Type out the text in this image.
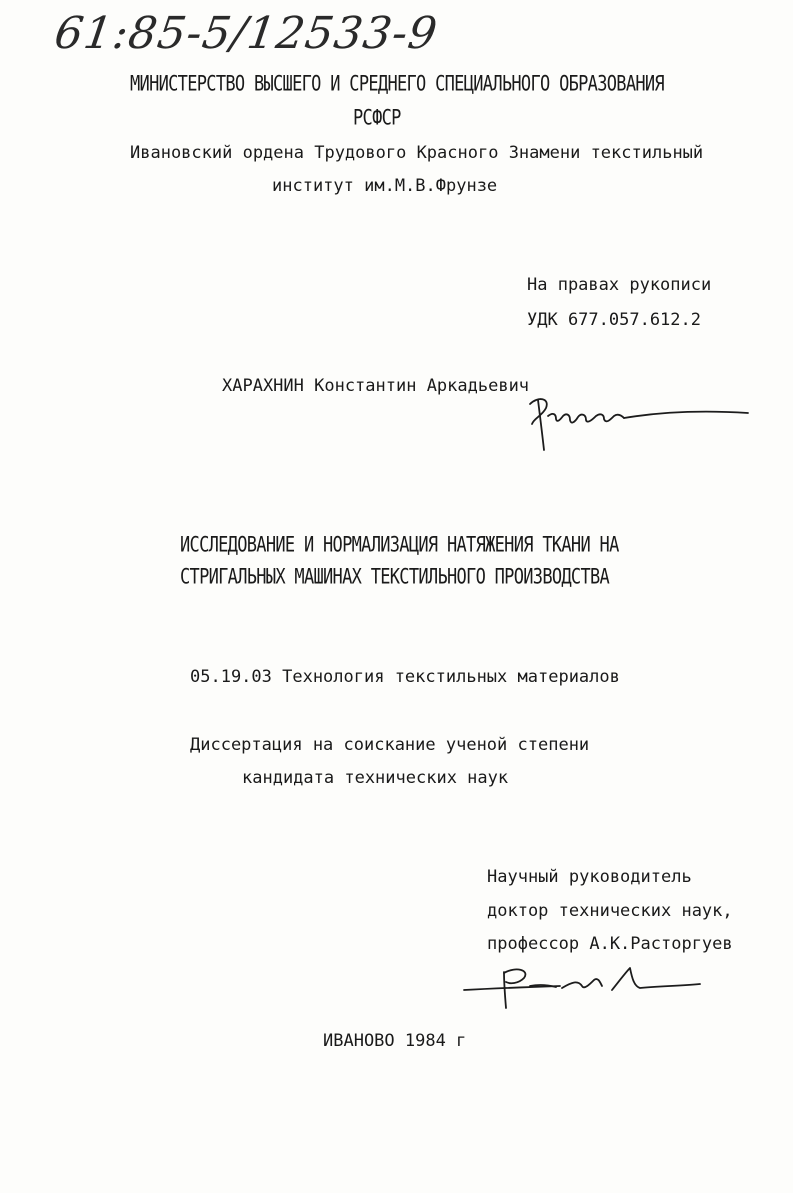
61:85-5/12533-9
МИНИСТЕРСТВО ВЫСШЕГО И СРЕДНЕГО СПЕЦИАЛЬНОГО ОБРАЗОВАНИЯ
РСФСР
Ивановский ордена Трудового Красного Знамени текстильный
институт им.М.В.Фрунзе
На правах рукописи
УДК 677.057.612.2
ХАРАХНИН Константин Аркадьевич
ИССЛЕДОВАНИЕ И НОРМАЛИЗАЦИЯ НАТЯЖЕНИЯ ТКАНИ НА
СТРИГАЛЬНЫХ МАШИНАХ ТЕКСТИЛЬНОГО ПРОИЗВОДСТВА
05.19.03 Технология текстильных материалов
Диссертация на соискание ученой степени
кандидата технических наук
Научный руководитель
доктор технических наук,
профессор А.К.Расторгуев
ИВАНОВО 1984 г
